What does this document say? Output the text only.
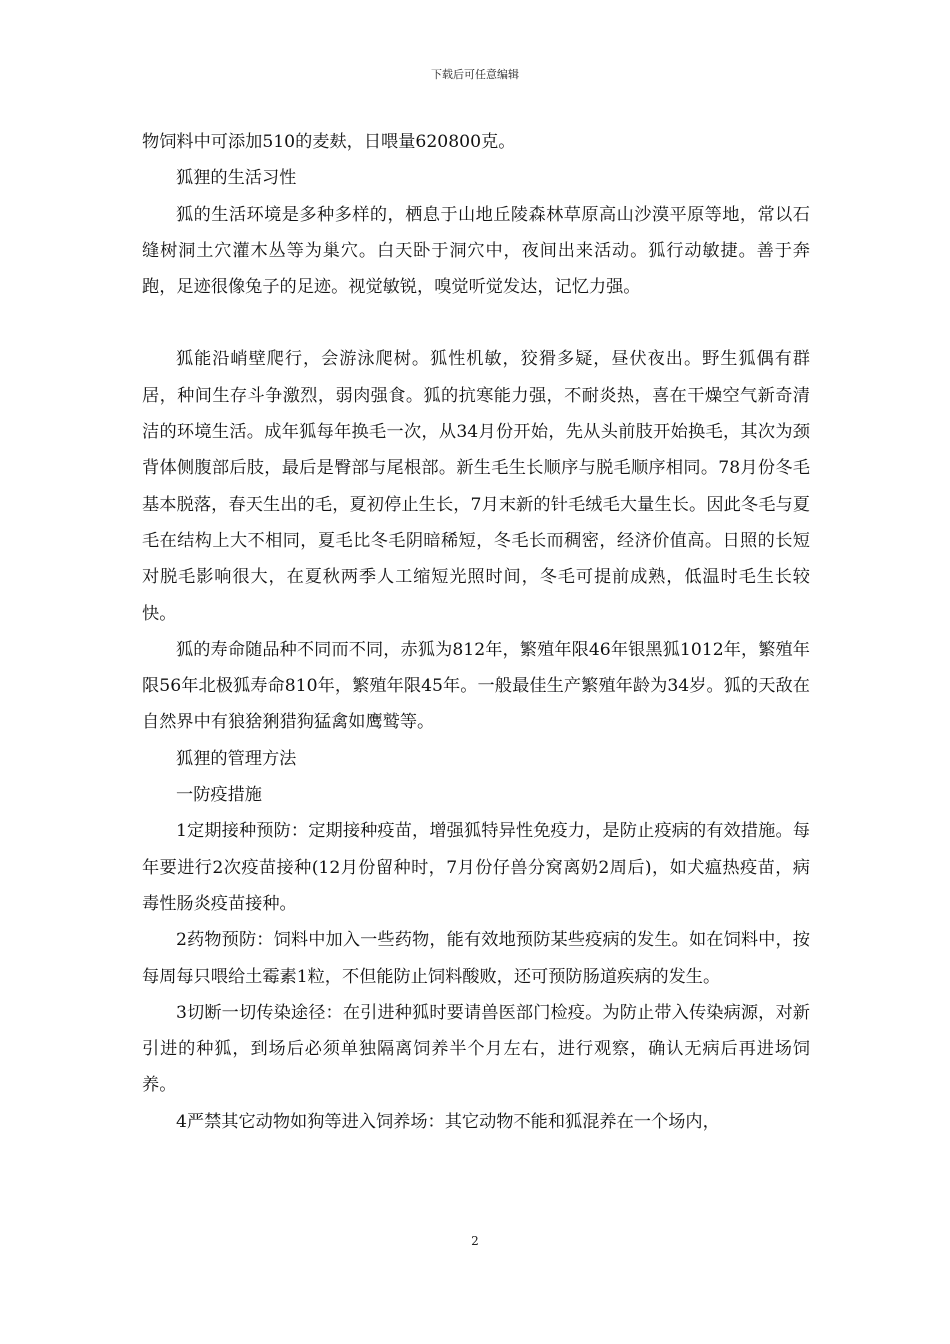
下载后可任意编辑

物饲料中可添加510的麦麸，日喂量620800克。

狐狸的生活习性

狐的生活环境是多种多样的，栖息于山地丘陵森林草原高山沙漠平原等地，常以石缝树洞土穴灌木丛等为巢穴。白天卧于洞穴中，夜间出来活动。狐行动敏捷。善于奔跑，足迹很像兔子的足迹。视觉敏锐，嗅觉听觉发达，记忆力强。

狐能沿峭壁爬行，会游泳爬树。狐性机敏，狡猾多疑，昼伏夜出。野生狐偶有群居，种间生存斗争激烈，弱肉强食。狐的抗寒能力强，不耐炎热，喜在干燥空气新奇清洁的环境生活。成年狐每年换毛一次，从34月份开始，先从头前肢开始换毛，其次为颈背体侧腹部后肢，最后是臀部与尾根部。新生毛生长顺序与脱毛顺序相同。78月份冬毛基本脱落，春天生出的毛，夏初停止生长，7月末新的针毛绒毛大量生长。因此冬毛与夏毛在结构上大不相同，夏毛比冬毛阴暗稀短，冬毛长而稠密，经济价值高。日照的长短对脱毛影响很大，在夏秋两季人工缩短光照时间，冬毛可提前成熟，低温时毛生长较快。

狐的寿命随品种不同而不同，赤狐为812年，繁殖年限46年银黑狐1012年，繁殖年限56年北极狐寿命810年，繁殖年限45年。一般最佳生产繁殖年龄为34岁。狐的天敌在自然界中有狼猞猁猎狗猛禽如鹰鹫等。

狐狸的管理方法

一防疫措施

1定期接种预防：定期接种疫苗，增强狐特异性免疫力，是防止疫病的有效措施。每年要进行2次疫苗接种(12月份留种时，7月份仔兽分窝离奶2周后)，如犬瘟热疫苗，病毒性肠炎疫苗接种。

2药物预防：饲料中加入一些药物，能有效地预防某些疫病的发生。如在饲料中，按每周每只喂给土霉素1粒，不但能防止饲料酸败，还可预防肠道疾病的发生。

3切断一切传染途径：在引进种狐时要请兽医部门检疫。为防止带入传染病源，对新引进的种狐，到场后必须单独隔离饲养半个月左右，进行观察，确认无病后再进场饲养。

4严禁其它动物如狗等进入饲养场：其它动物不能和狐混养在一个场内，

2
